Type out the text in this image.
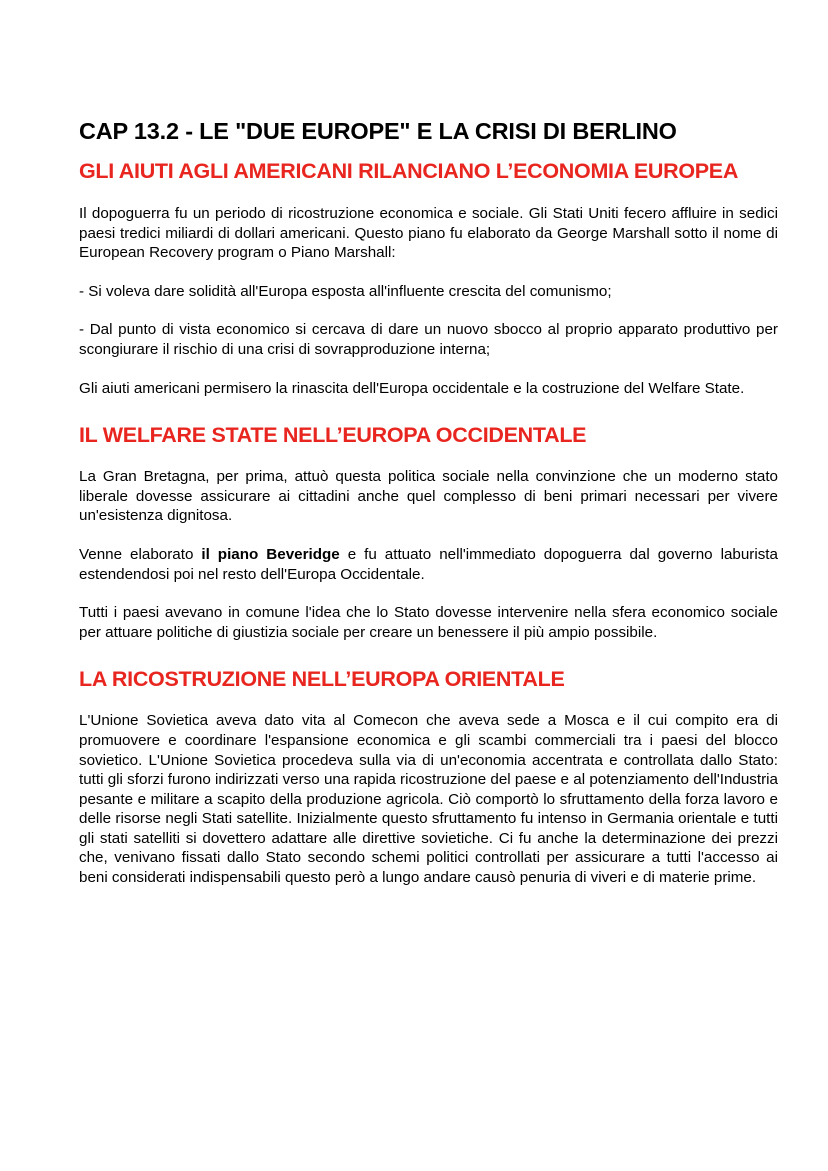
CAP 13.2 - LE "DUE EUROPE" E LA CRISI DI BERLINO
GLI AIUTI AGLI AMERICANI RILANCIANO L’ECONOMIA EUROPEA

Il dopoguerra fu un periodo di ricostruzione economica e sociale. Gli Stati Uniti fecero affluire in sedici paesi tredici miliardi di dollari americani. Questo piano fu elaborato da George Marshall sotto il nome di European Recovery program o Piano Marshall:

- Si voleva dare solidità all'Europa esposta all'influente crescita del comunismo;

- Dal punto di vista economico si cercava di dare un nuovo sbocco al proprio apparato produttivo per scongiurare il rischio di una crisi di sovrapproduzione interna;

Gli aiuti americani permisero la rinascita dell'Europa occidentale e la costruzione del Welfare State.

IL WELFARE STATE NELL’EUROPA OCCIDENTALE

La Gran Bretagna, per prima, attuò questa politica sociale nella convinzione che un moderno stato liberale dovesse assicurare ai cittadini anche quel complesso di beni primari necessari per vivere un'esistenza dignitosa.

Venne elaborato il piano Beveridge e fu attuato nell'immediato dopoguerra dal governo laburista estendendosi poi nel resto dell'Europa Occidentale.

Tutti i paesi avevano in comune l'idea che lo Stato dovesse intervenire nella sfera economico sociale per attuare politiche di giustizia sociale per creare un benessere il più ampio possibile.

LA RICOSTRUZIONE NELL’EUROPA ORIENTALE

L'Unione Sovietica aveva dato vita al Comecon che aveva sede a Mosca e il cui compito era di promuovere e coordinare l'espansione economica e gli scambi commerciali tra i paesi del blocco sovietico. L'Unione Sovietica procedeva sulla via di un'economia accentrata e controllata dallo Stato: tutti gli sforzi furono indirizzati verso una rapida ricostruzione del paese e al potenziamento dell'Industria pesante e militare a scapito della produzione agricola. Ciò comportò lo sfruttamento della forza lavoro e delle risorse negli Stati satellite. Inizialmente questo sfruttamento fu intenso in Germania orientale e tutti gli stati satelliti si dovettero adattare alle direttive sovietiche. Ci fu anche la determinazione dei prezzi che, venivano fissati dallo Stato secondo schemi politici controllati per assicurare a tutti l'accesso ai beni considerati indispensabili questo però a lungo andare causò penuria di viveri e di materie prime.
